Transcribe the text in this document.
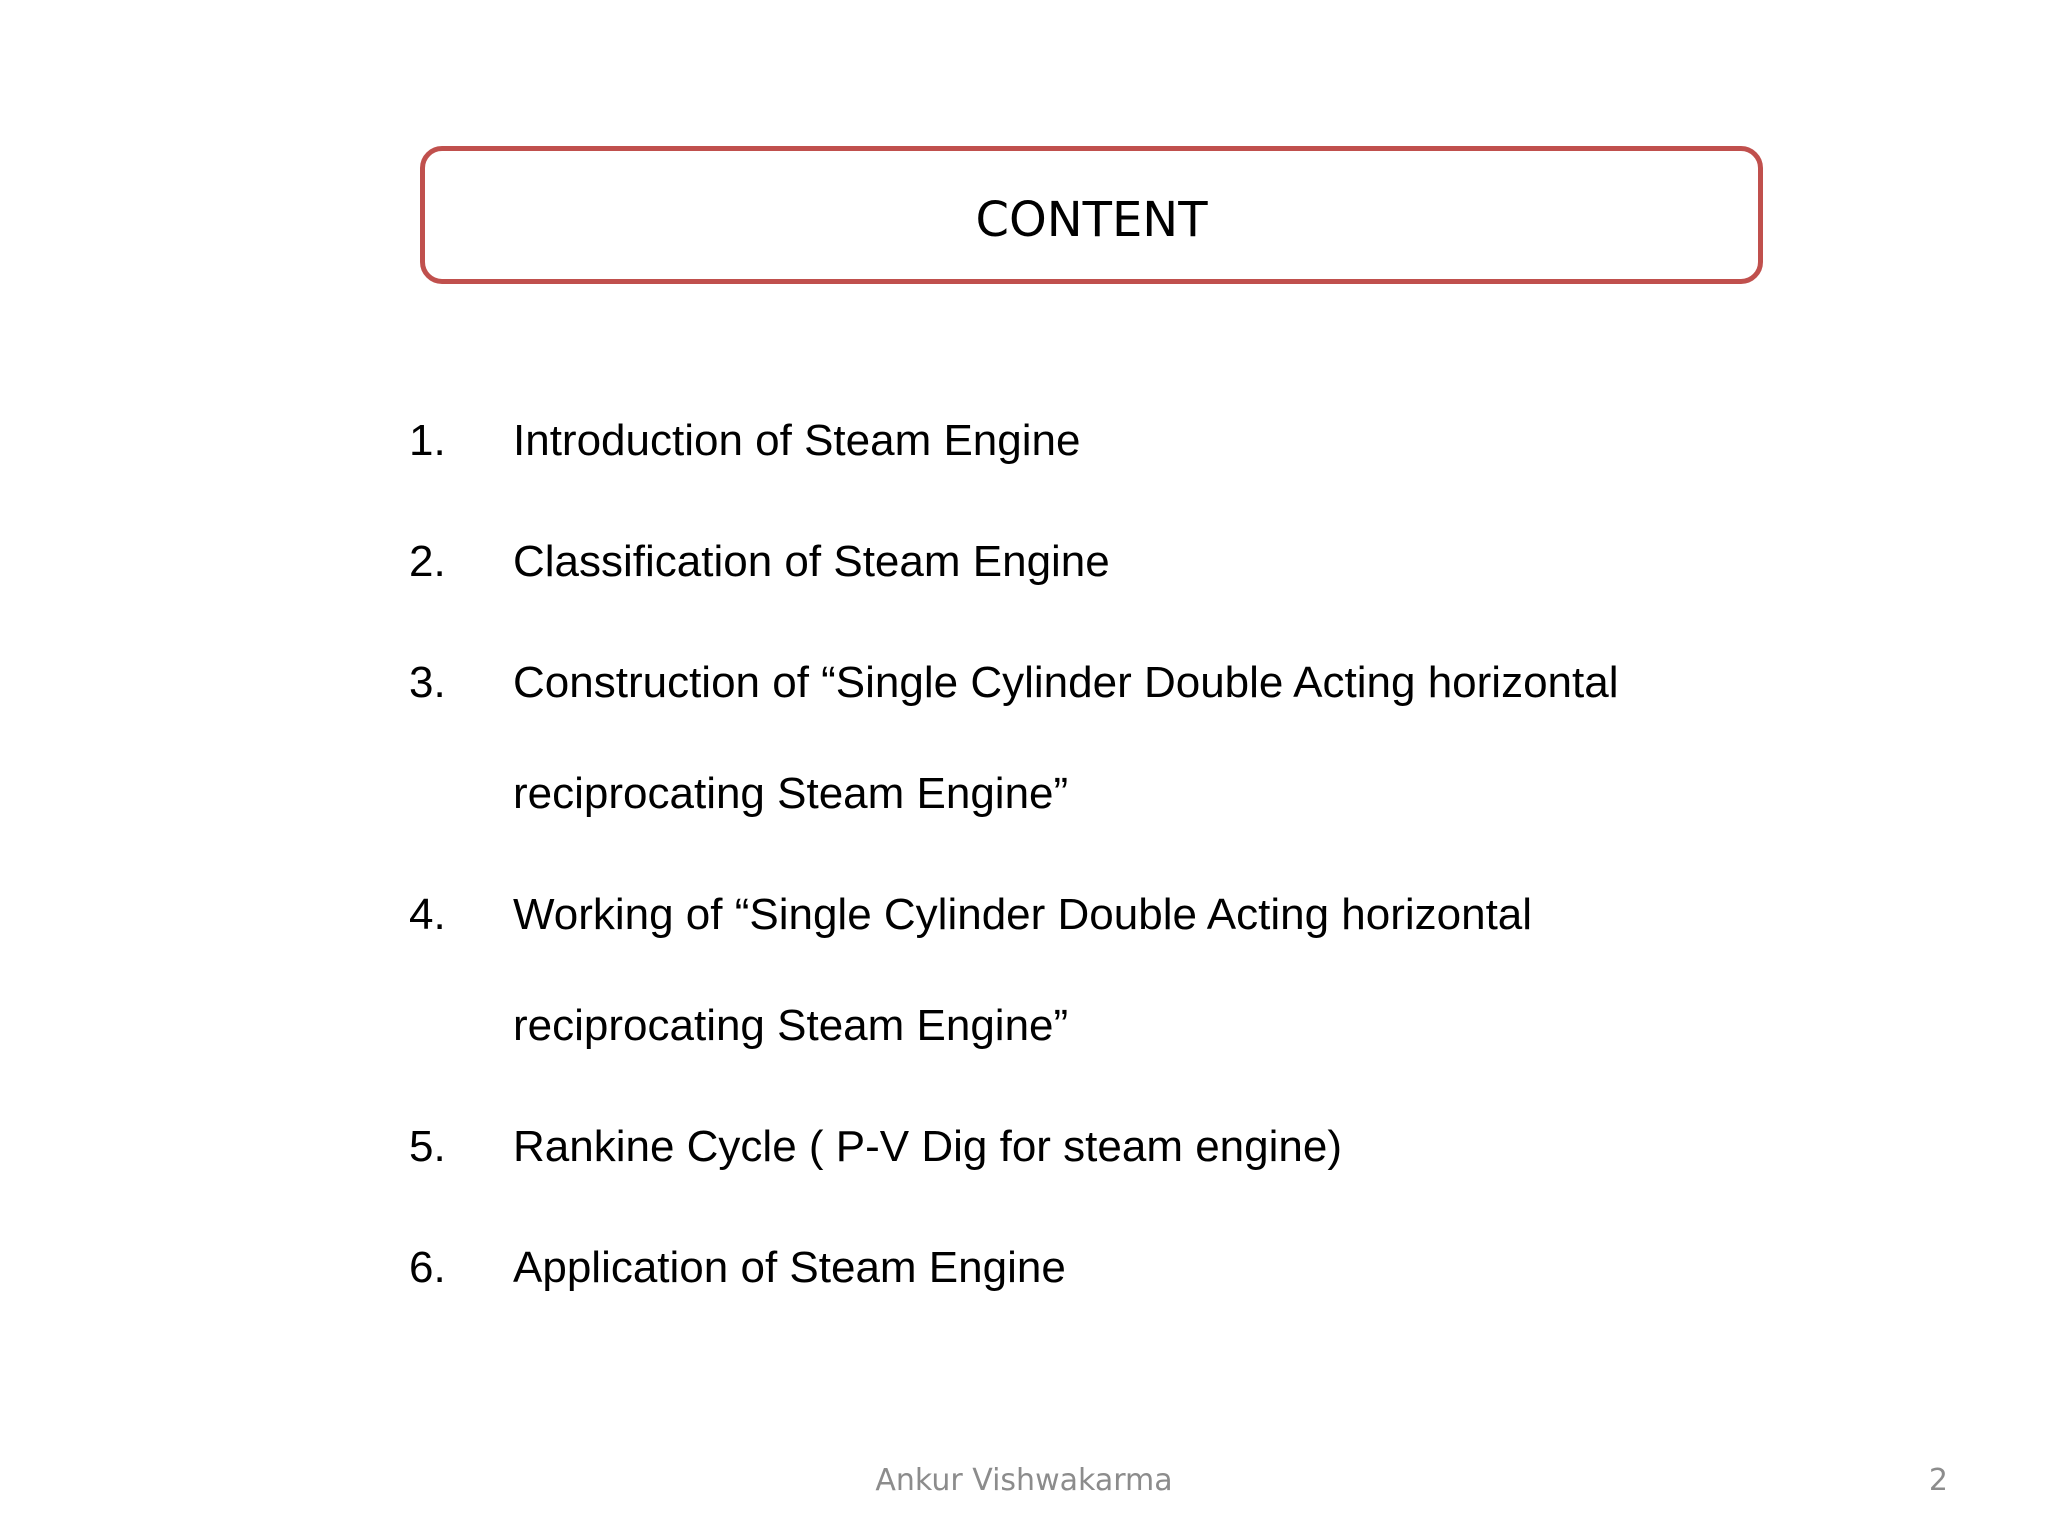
CONTENT
1. Introduction of Steam Engine
2. Classification of Steam Engine
3. Construction of “Single Cylinder Double Acting horizontal reciprocating Steam Engine”
4. Working of “Single Cylinder Double Acting horizontal reciprocating Steam Engine”
5. Rankine Cycle ( P-V Dig for steam engine)
6. Application of Steam Engine
Ankur Vishwakarma	2
